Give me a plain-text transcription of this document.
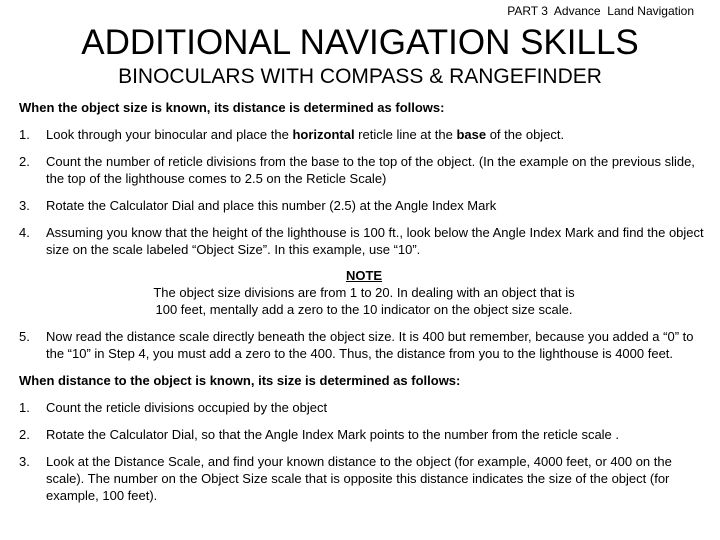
PART 3  Advance  Land Navigation
ADDITIONAL NAVIGATION SKILLS
BINOCULARS WITH COMPASS & RANGEFINDER
When the object size is known, its distance is determined as follows:
1.	Look through your binocular and place the horizontal reticle line at the base of the object.
2.	Count the number of reticle divisions from the base to the top of the object. (In the example on the previous slide, the top of the lighthouse comes to 2.5 on the Reticle Scale)
3.	Rotate the Calculator Dial and place this number (2.5) at the Angle Index Mark
4.	Assuming you know that the height of the lighthouse is 100 ft., look below the Angle Index Mark and find the object size on the scale labeled “Object Size”. In this example, use “10”.
NOTE
The object size divisions are from 1 to 20. In dealing with an object that is
100 feet, mentally add a zero to the 10 indicator on the object size scale.
5.	Now read the distance scale directly beneath the object size. It is 400 but remember, because you added a “0” to the “10” in Step 4, you must add a zero to the 400. Thus, the distance from you to the lighthouse is 4000 feet.
When distance to the object is known, its size is determined as follows:
1.	Count the reticle divisions occupied by the object
2.	Rotate the Calculator Dial, so that the Angle Index Mark points to the number from the reticle scale .
3.	Look at the Distance Scale, and find your known distance to the object (for example, 4000 feet, or 400 on the scale). The number on the Object Size scale that is opposite this distance indicates the size of the object (for example, 100 feet).
